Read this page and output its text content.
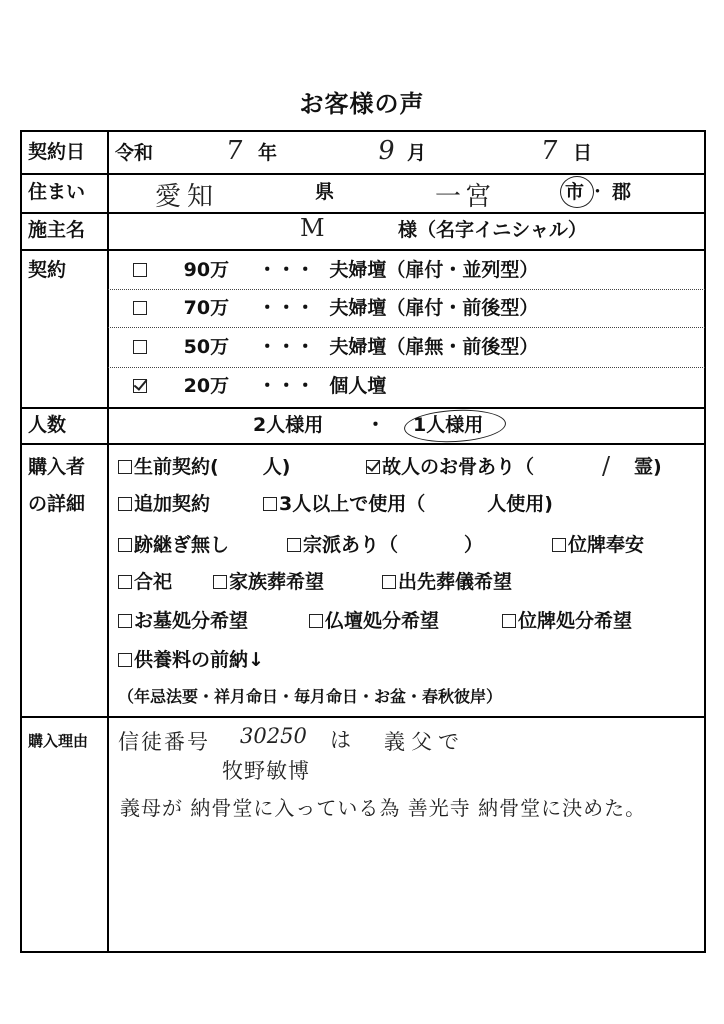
お客様の声
契約日 令和	7 年	9 月	7 日
住まい	愛知	県	一宮	市 ・ 郡
施主名	M	様（名字イニシャル）
契約	90万 ・・・ 夫婦壇（扉付・並列型）
70万 ・・・ 夫婦壇（扉付・前後型）
50万 ・・・ 夫婦壇（扉無・前後型）
20万 ・・・ 個人壇
人数	2人様用 ・ 1人様用
購入者
の詳細
生前契約( 人)	故人のお骨あり（	/ 霊)
追加契約	3人以上で使用（	人使用)
跡継ぎ無し	宗派あり（	）	位牌奉安
合祀	家族葬希望	出先葬儀希望
お墓処分希望	仏壇処分希望	位牌処分希望
供養料の前納↓
（年忌法要・祥月命日・毎月命日・お盆・春秋彼岸）
購入理由 信徒番号 30250 は 義父で
牧野敏博
義母が 納骨堂に入っている為 善光寺 納骨堂に決めた。
